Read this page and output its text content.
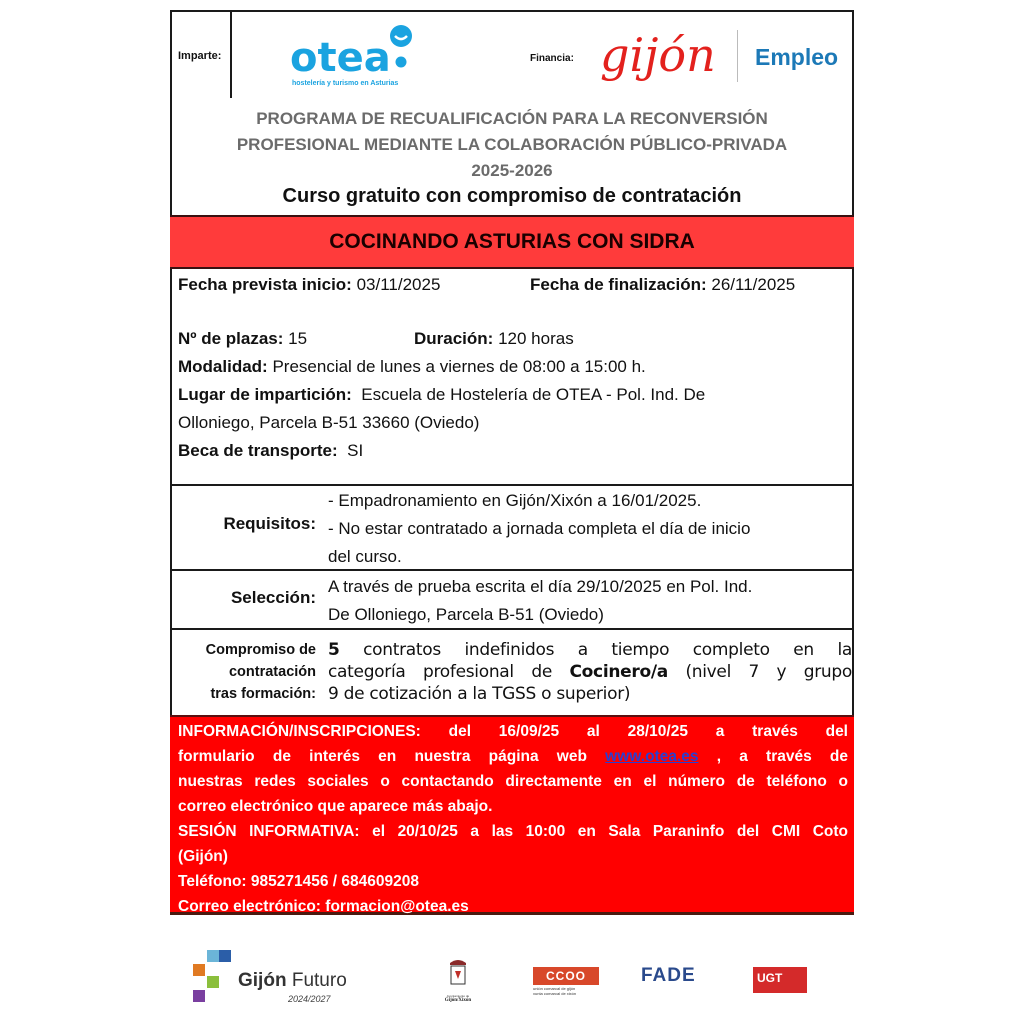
Imparte: otea
hostelería y turismo en Asturias
Financia: gijón Empleo
PROGRAMA DE RECUALIFICACIÓN PARA LA RECONVERSIÓN
PROFESIONAL MEDIANTE LA COLABORACIÓN PÚBLICO-PRIVADA
2025-2026
Curso gratuito con compromiso de contratación
COCINANDO ASTURIAS CON SIDRA
Fecha prevista inicio: 03/11/2025	Fecha de finalización: 26/11/2025
Nº de plazas: 15	Duración: 120 horas
Modalidad: Presencial de lunes a viernes de 08:00 a 15:00 h.
Lugar de impartición: Escuela de Hostelería de OTEA - Pol. Ind. De
Olloniego, Parcela B-51 33660 (Oviedo)
Beca de transporte: SI
Requisitos:
- Empadronamiento en Gijón/Xixón a 16/01/2025.
- No estar contratado a jornada completa el día de inicio
del curso.
Selección:
A través de prueba escrita el día 29/10/2025 en Pol. Ind.
De Olloniego, Parcela B-51 (Oviedo)
Compromiso de
contratación
tras formación:
5 contratos indefinidos a tiempo completo en la
categoría profesional de Cocinero/a (nivel 7 y grupo
9 de cotización a la TGSS o superior)
INFORMACIÓN/INSCRIPCIONES: del 16/09/25 al 28/10/25 a través del
formulario de interés en nuestra página web www.otea.es , a través de
nuestras redes sociales o contactando directamente en el número de teléfono o
correo electrónico que aparece más abajo.
SESIÓN INFORMATIVA: el 20/10/25 a las 10:00 en Sala Paraninfo del CMI Coto
(Gijón)
Teléfono: 985271456 / 684609208
Correo electrónico: formacion@otea.es
Gijón Futuro
2024/2027	Ayuntamiento de
Gijón/Xixón
CCOO
unión comarcal de gijón
xunta comarcal de xixón
FADE	UGT
